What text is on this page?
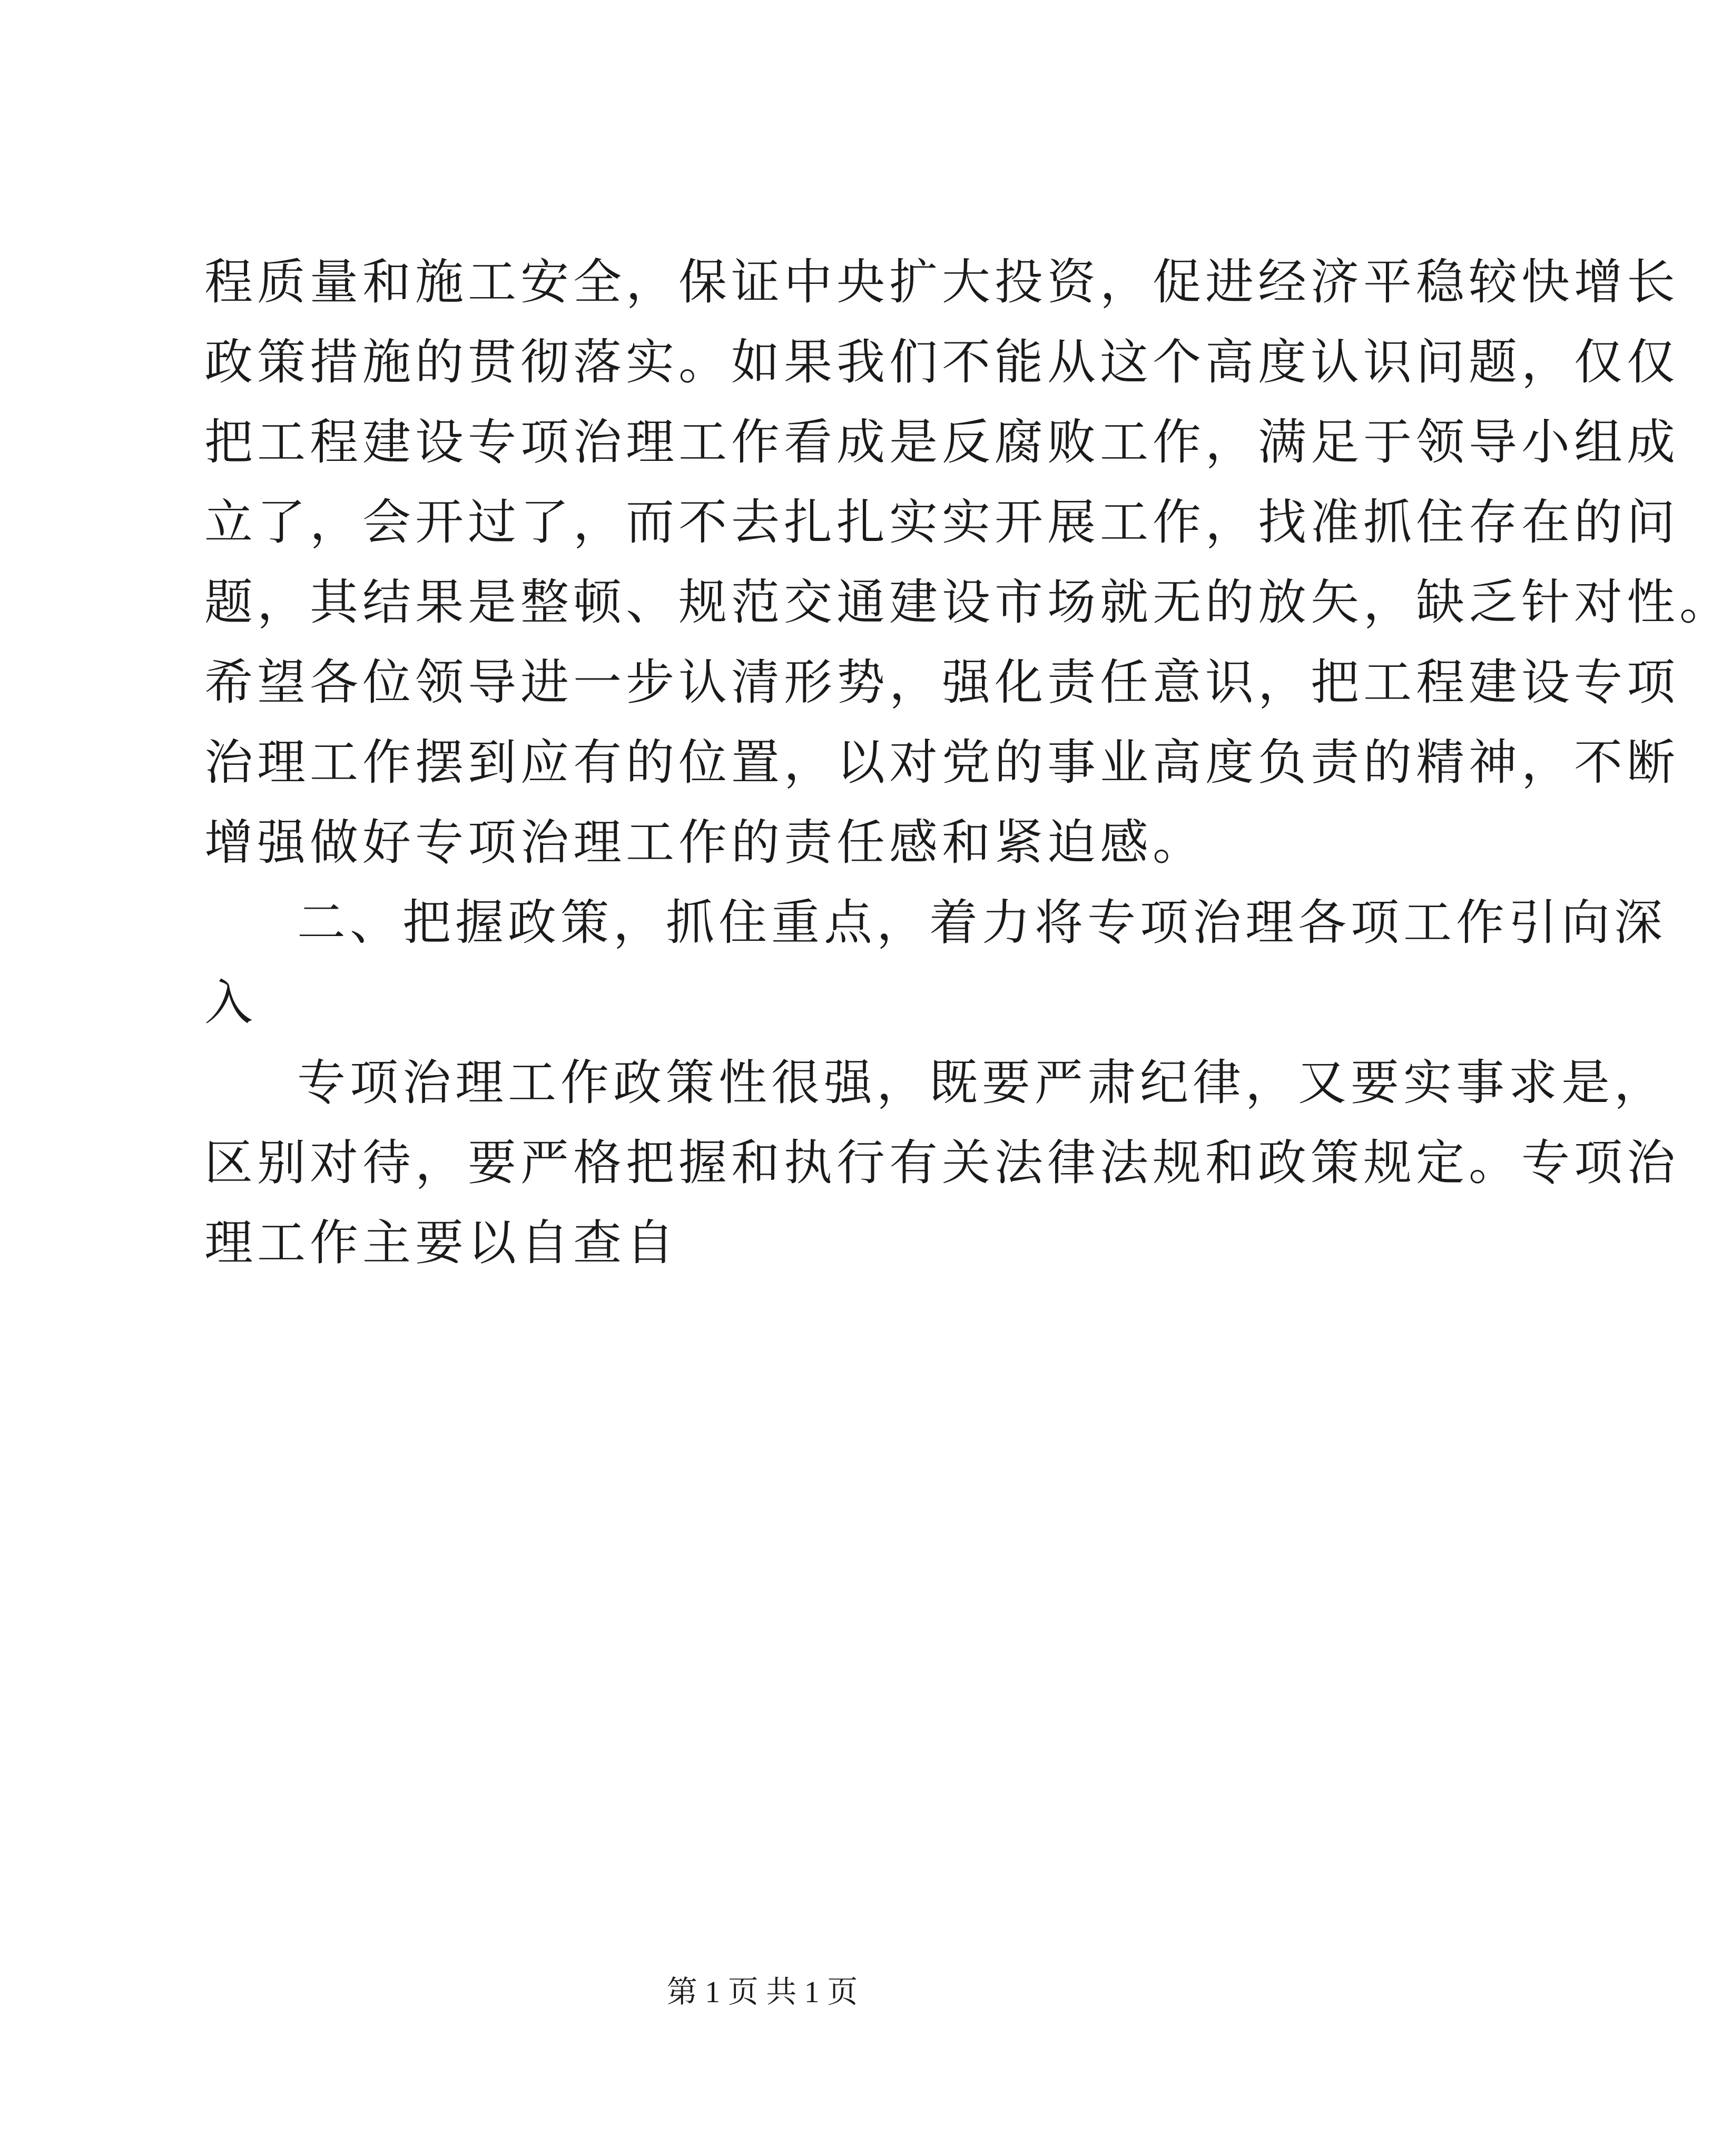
程质量和施工安全，保证中央扩大投资，促进经济平稳较快增长
政策措施的贯彻落实。如果我们不能从这个高度认识问题，仅仅
把工程建设专项治理工作看成是反腐败工作，满足于领导小组成
立了，会开过了，而不去扎扎实实开展工作，找准抓住存在的问
题，其结果是整顿、规范交通建设市场就无的放矢，缺乏针对性。
希望各位领导进一步认清形势，强化责任意识，把工程建设专项
治理工作摆到应有的位置，以对党的事业高度负责的精神，不断
增强做好专项治理工作的责任感和紧迫感。
二、把握政策，抓住重点，着力将专项治理各项工作引向深
入
专项治理工作政策性很强，既要严肃纪律，又要实事求是，
区别对待，要严格把握和执行有关法律法规和政策规定。专项治
理工作主要以自查自
第 1 页 共 1 页
